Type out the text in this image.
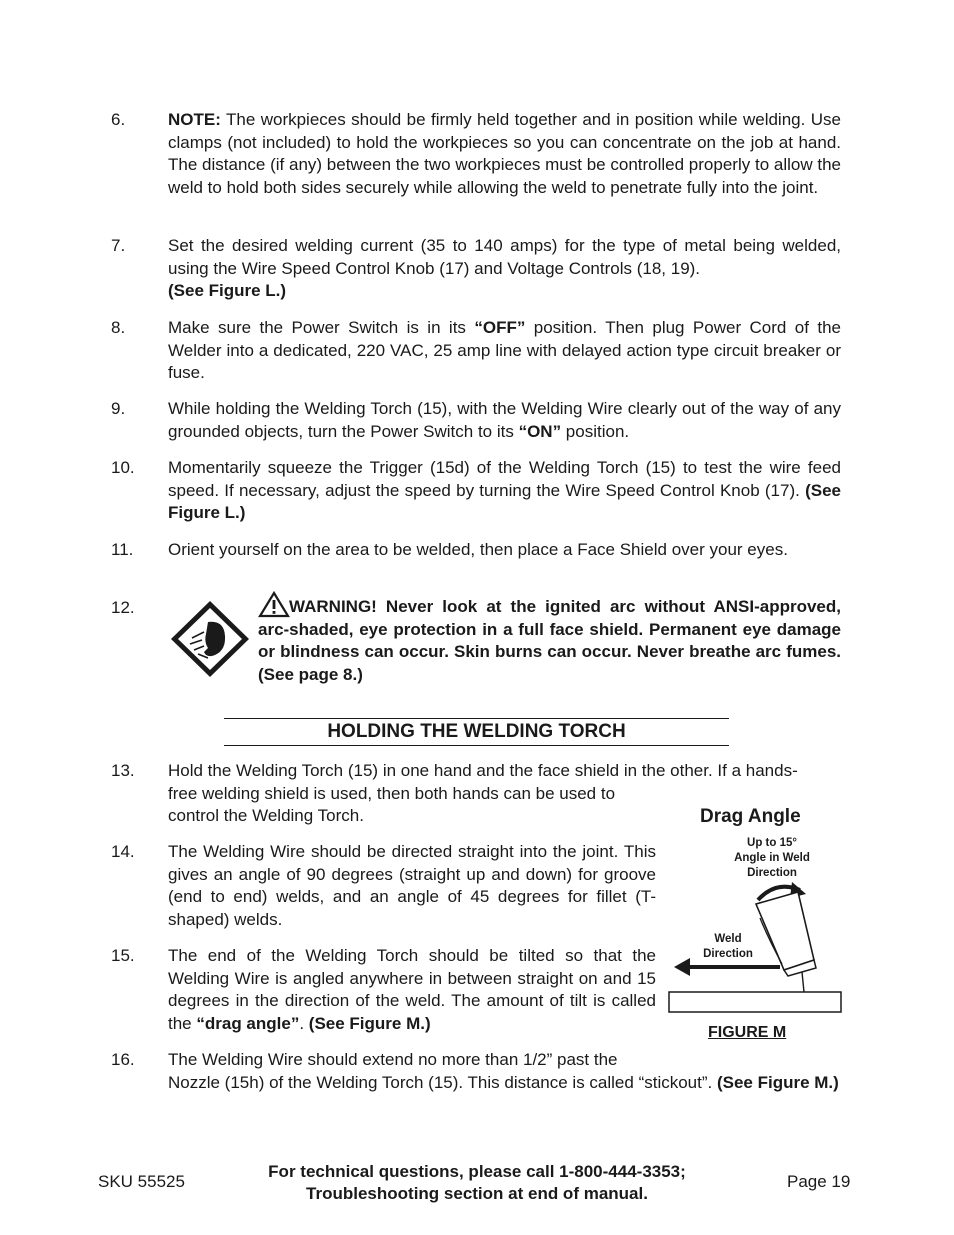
6.	NOTE: The workpieces should be firmly held together and in position while welding. Use clamps (not included) to hold the workpieces so you can concentrate on the job at hand. The distance (if any) between the two workpieces must be controlled properly to allow the weld to hold both sides securely while allowing the weld to penetrate fully into the joint.
7.	Set the desired welding current (35 to 140 amps) for the type of metal being welded, using the Wire Speed Control Knob (17) and Voltage Controls (18, 19).
(See Figure L.)
8.	Make sure the Power Switch is in its “OFF” position. Then plug Power Cord of the Welder into a dedicated, 220 VAC, 25 amp line with delayed action type circuit breaker or fuse.
9.	While holding the Welding Torch (15), with the Welding Wire clearly out of the way of any grounded objects, turn the Power Switch to its “ON” position.
10. Momentarily squeeze the Trigger (15d) of the Welding Torch (15) to test the wire feed speed. If necessary, adjust the speed by turning the Wire Speed Control Knob (17). (See Figure L.)
11. Orient yourself on the area to be welded, then place a Face Shield over your eyes.
12.	WARNING! Never look at the ignited arc without ANSI-approved, arc-shaded, eye protection in a full face shield. Permanent eye damage or blindness can occur. Skin burns can occur. Never breathe arc fumes. (See page 8.)
HOLDING THE WELDING TORCH
13. Hold the Welding Torch (15) in one hand and the face shield in the other. If a hands-
free welding shield is used, then both hands can be used to
control the Welding Torch.
14. The Welding Wire should be directed straight into the joint. This gives an angle of 90 degrees (straight up and down) for groove (end to end) welds, and an angle of 45 degrees for fillet (T-shaped) welds.
15. The end of the Welding Torch should be tilted so that the Welding Wire is angled anywhere in between straight on and 15 degrees in the direction of the weld. The amount of tilt is called the “drag angle”. (See Figure M.)
16. The Welding Wire should extend no more than 1/2” past the
Nozzle (15h) of the Welding Torch (15). This distance is called “stickout”. (See Figure M.)
Drag Angle
Up to 15°
Angle in Weld
Direction
Weld
Direction
FIGURE M
SKU 55525
For technical questions, please call 1-800-444-3353;
Troubleshooting section at end of manual.
Page 19
